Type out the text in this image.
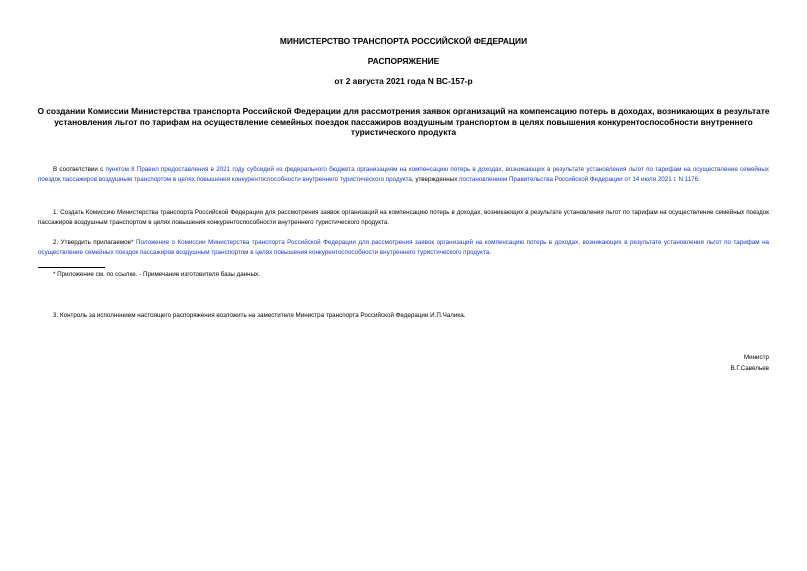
МИНИСТЕРСТВО ТРАНСПОРТА РОССИЙСКОЙ ФЕДЕРАЦИИ
РАСПОРЯЖЕНИЕ
от 2 августа 2021 года N ВС-157-р
О создании Комиссии Министерства транспорта Российской Федерации для рассмотрения заявок организаций на компенсацию потерь в доходах, возникающих в результате установления льгот по тарифам на осуществление семейных поездок пассажиров воздушным транспортом в целях повышения конкурентоспособности внутреннего туристического продукта
В соответствии с пунктом 8 Правил предоставления в 2021 году субсидий из федерального бюджета организациям на компенсацию потерь в доходах, возникающих в результате установления льгот по тарифам на осуществление семейных поездок пассажиров воздушным транспортом в целях повышения конкурентоспособности внутреннего туристического продукта, утвержденных постановлением Правительства Российской Федерации от 14 июля 2021 г. N 1176:
1. Создать Комиссию Министерства транспорта Российской Федерации для рассмотрения заявок организаций на компенсацию потерь в доходах, возникающих в результате установления льгот по тарифам на осуществление семейных поездок пассажиров воздушным транспортом в целях повышения конкурентоспособности внутреннего туристического продукта.
2. Утвердить прилагаемое* Положение о Комиссии Министерства транспорта Российской Федерации для рассмотрения заявок организаций на компенсацию потерь в доходах, возникающих в результате установления льгот по тарифам на осуществление семейных поездок пассажиров воздушным транспортом в целях повышения конкурентоспособности внутреннего туристического продукта.
* Приложение см. по ссылке. - Примечание изготовителя базы данных.
3. Контроль за исполнением настоящего распоряжения возложить на заместителя Министра транспорта Российской Федерации И.П.Чалика.
Министр
В.Г.Савельев
